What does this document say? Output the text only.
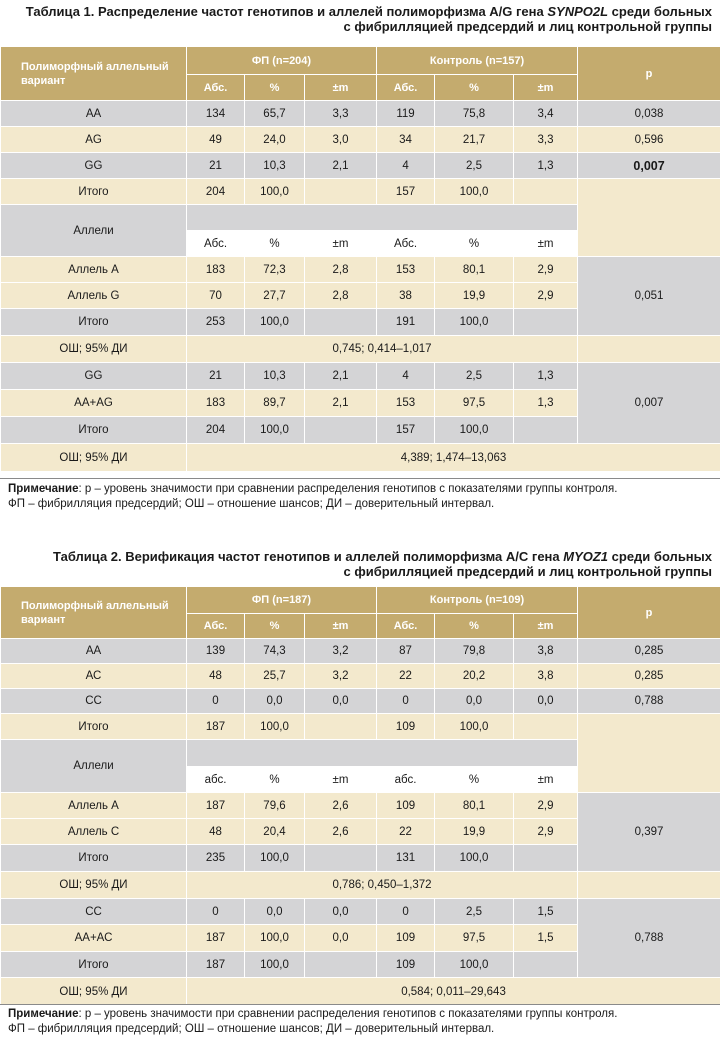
Таблица 1. Распределение частот генотипов и аллелей полиморфизма А/G гена SYNPO2L среди больных
с фибрилляцией предсердий и лиц контрольной группы
Полиморфный аллельный вариант	ФП (n=204)			Контроль (n=157)			р
	Абс.	%	±m	Абс.	%	±m	
АА	134	65,7	3,3	119	75,8	3,4	0,038
АG	49	24,0	3,0	34	21,7	3,3	0,596
GG	21	10,3	2,1	4	2,5	1,3	0,007
Итого	204	100,0		157	100,0		
Аллели							
	Абс.	%	±m	Абс.	%	±m	
Аллель А	183	72,3	2,8	153	80,1	2,9	0,051
Аллель G	70	27,7	2,8	38	19,9	2,9	
Итого	253	100,0		191	100,0		
ОШ; 95% ДИ	0,745; 0,414–1,017						
GG	21	10,3	2,1	4	2,5	1,3	0,007
АА+АG	183	89,7	2,1	153	97,5	1,3	
Итого	204	100,0		157	100,0		
ОШ; 95% ДИ	4,389; 1,474–13,063						
Примечание: р – уровень значимости при сравнении распределения генотипов с показателями группы контроля.
ФП – фибрилляция предсердий; ОШ – отношение шансов; ДИ – доверительный интервал.
Таблица 2. Верификация частот генотипов и аллелей полиморфизма А/С гена MYOZ1 среди больных
с фибрилляцией предсердий и лиц контрольной группы
Полиморфный аллельный вариант	ФП (n=187)			Контроль (n=109)			р
	Абс.	%	±m	Абс.	%	±m	
АА	139	74,3	3,2	87	79,8	3,8	0,285
АС	48	25,7	3,2	22	20,2	3,8	0,285
СС	0	0,0	0,0	0	0,0	0,0	0,788
Итого	187	100,0		109	100,0		
Аллели							
	абс.	%	±m	абс.	%	±m	
Аллель А	187	79,6	2,6	109	80,1	2,9	0,397
Аллель С	48	20,4	2,6	22	19,9	2,9	
Итого	235	100,0		131	100,0		
ОШ; 95% ДИ	0,786; 0,450–1,372						
СС	0	0,0	0,0	0	2,5	1,5	0,788
АА+АС	187	100,0	0,0	109	97,5	1,5	
Итого	187	100,0		109	100,0		
ОШ; 95% ДИ	0,584; 0,011–29,643						
Примечание: р – уровень значимости при сравнении распределения генотипов с показателями группы контроля.
ФП – фибрилляция предсердий; ОШ – отношение шансов; ДИ – доверительный интервал.
